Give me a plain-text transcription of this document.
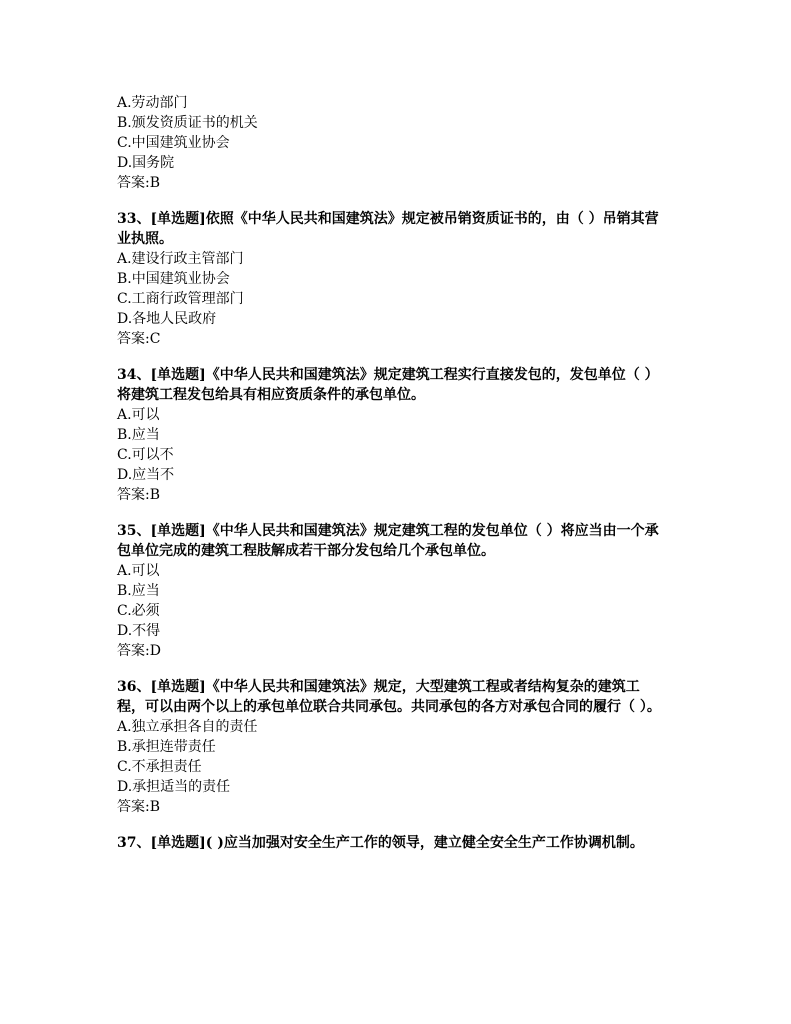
A.劳动部门
B.颁发资质证书的机关
C.中国建筑业协会
D.国务院
答案:B
33、[单选题]依照《中华人民共和国建筑法》规定被吊销资质证书的，由（ ）吊销其营业执照。
A.建设行政主管部门
B.中国建筑业协会
C.工商行政管理部门
D.各地人民政府
答案:C
34、[单选题]《中华人民共和国建筑法》规定建筑工程实行直接发包的，发包单位（ ）将建筑工程发包给具有相应资质条件的承包单位。
A.可以
B.应当
C.可以不
D.应当不
答案:B
35、[单选题]《中华人民共和国建筑法》规定建筑工程的发包单位（ ）将应当由一个承包单位完成的建筑工程肢解成若干部分发包给几个承包单位。
A.可以
B.应当
C.必须
D.不得
答案:D
36、[单选题]《中华人民共和国建筑法》规定，大型建筑工程或者结构复杂的建筑工程，可以由两个以上的承包单位联合共同承包。共同承包的各方对承包合同的履行（ ）。
A.独立承担各自的责任
B.承担连带责任
C.不承担责任
D.承担适当的责任
答案:B
37、[单选题]( )应当加强对安全生产工作的领导，建立健全安全生产工作协调机制。
